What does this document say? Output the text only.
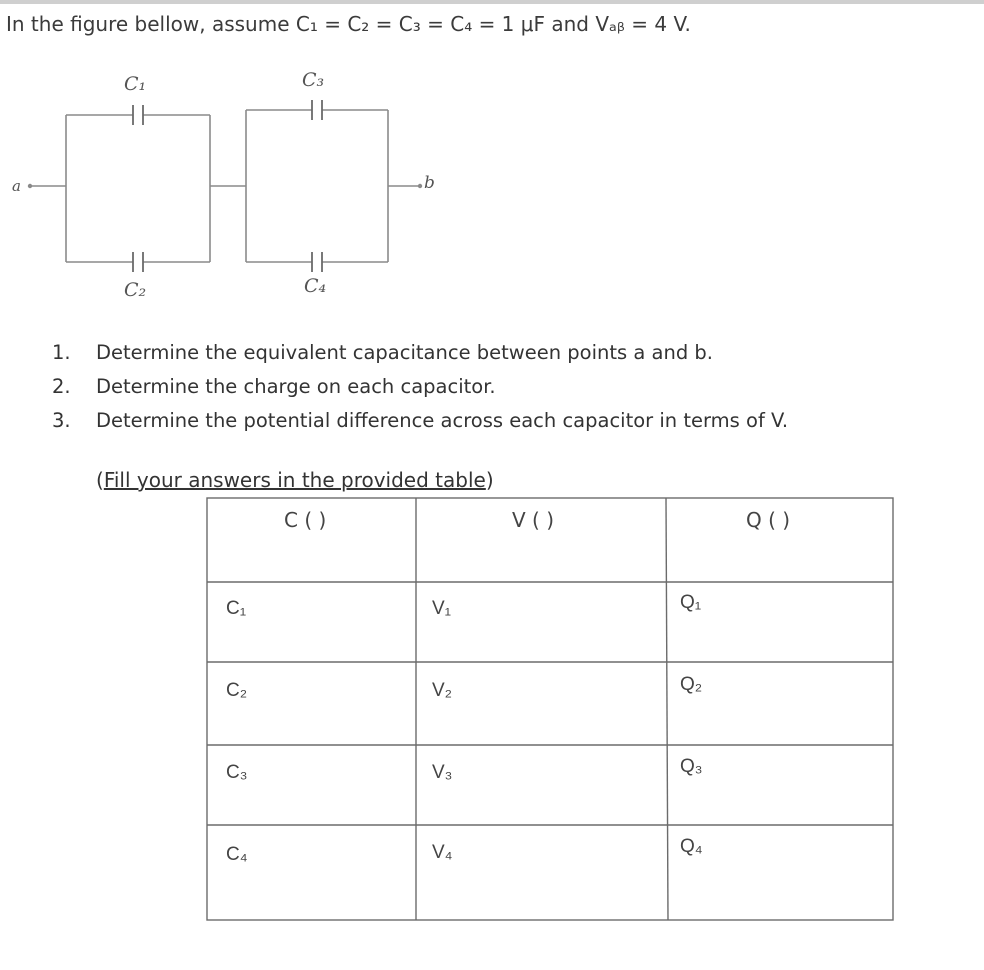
In the figure bellow, assume C₁ = C₂ = C₃ = C₄ = 1 μF and Vₐᵦ = 4 V.
C₁
C₂
C₃
C₄
a	b
1. Determine the equivalent capacitance between points a and b.
2. Determine the charge on each capacitor.
3. Determine the potential difference across each capacitor in terms of V.
(Fill your answers in the provided table)
C ( )	V ( )	Q ( )
C₁	V₁	Q₁
C₂	V₂	Q₂
C₃	V₃	Q₃
C₄	V₄	Q₄
